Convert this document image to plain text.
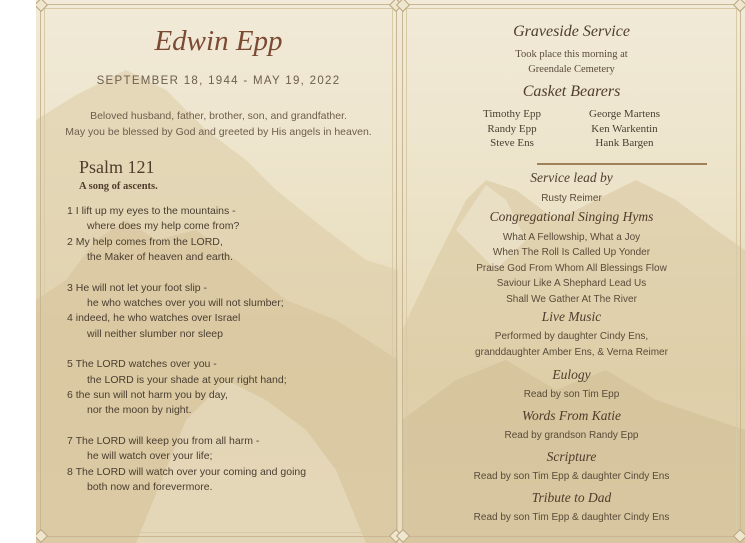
Edwin Epp
SEPTEMBER 18, 1944 - MAY 19, 2022
Beloved husband, father, brother, son, and grandfather.
May you be blessed by God and greeted by His angels in heaven.
Psalm 121
A song of ascents.
1 I lift up my eyes to the mountains -
where does my help come from?
2 My help comes from the LORD,
the Maker of heaven and earth.
3 He will not let your foot slip -
he who watches over you will not slumber;
4 indeed, he who watches over Israel
will neither slumber nor sleep
5 The LORD watches over you -
the LORD is your shade at your right hand;
6 the sun will not harm you by day,
nor the moon by night.
7 The LORD will keep you from all harm -
he will watch over your life;
8 The LORD will watch over your coming and going
both now and forevermore.
Graveside Service
Took place this morning at
Greendale Cemetery
Casket Bearers
Timothy Epp
Randy Epp
Steve Ens
George Martens
Ken Warkentin
Hank Bargen
Service lead by
Rusty Reimer
Congregational Singing Hyms
What A Fellowship, What a Joy
When The Roll Is Called Up Yonder
Praise God From Whom All Blessings Flow
Saviour Like A Shephard Lead Us
Shall We Gather At The River
Live Music
Performed by daughter Cindy Ens,
granddaughter Amber Ens, & Verna Reimer
Eulogy
Read by son Tim Epp
Words From Katie
Read by grandson Randy Epp
Scripture
Read by son Tim Epp & daughter Cindy Ens
Tribute to Dad
Read by son Tim Epp & daughter Cindy Ens
